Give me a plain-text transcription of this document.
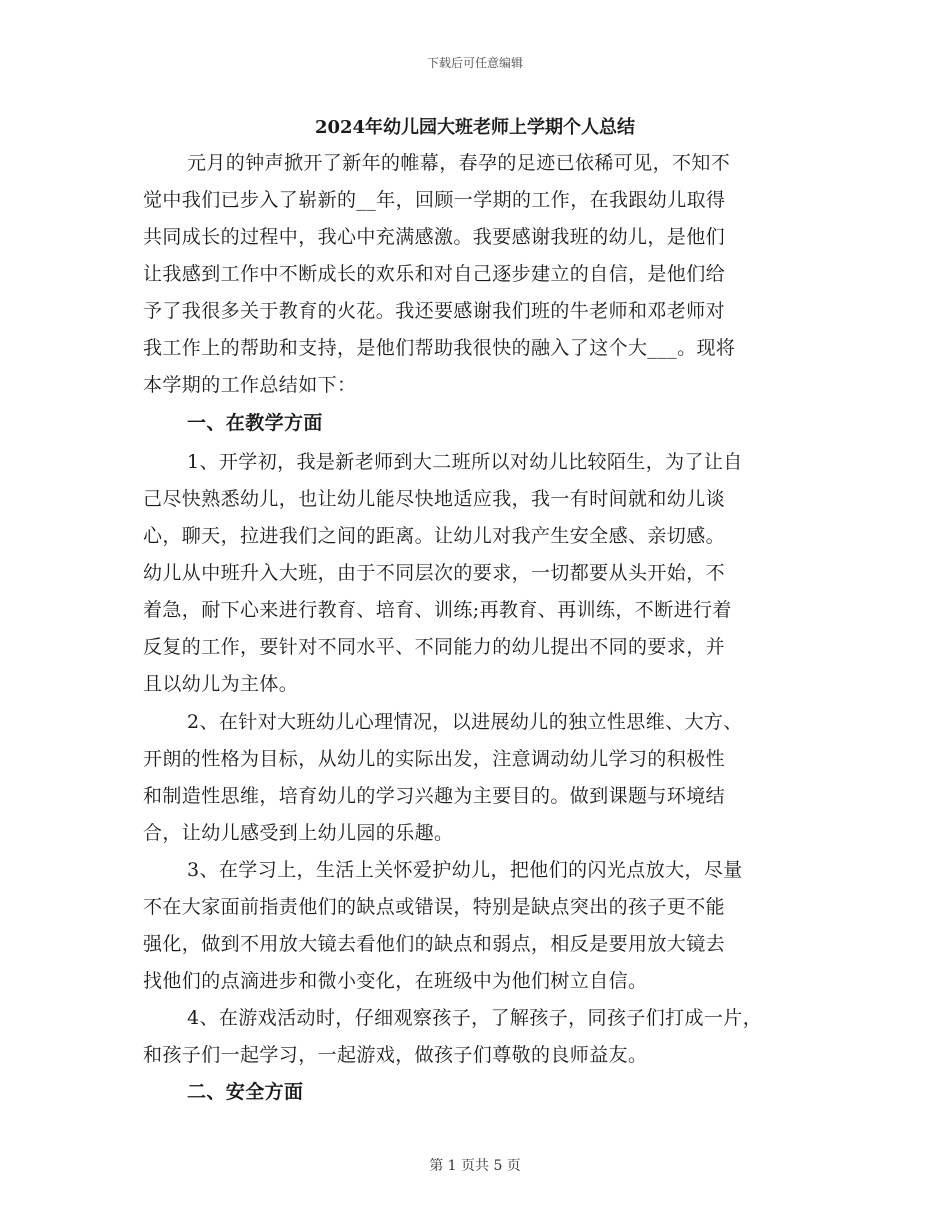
下载后可任意编辑
2024年幼儿园大班老师上学期个人总结
元月的钟声掀开了新年的帷幕，春孕的足迹已依稀可见，不知不
觉中我们已步入了崭新的__年，回顾一学期的工作，在我跟幼儿取得
共同成长的过程中，我心中充满感激。我要感谢我班的幼儿，是他们
让我感到工作中不断成长的欢乐和对自己逐步建立的自信，是他们给
予了我很多关于教育的火花。我还要感谢我们班的牛老师和邓老师对
我工作上的帮助和支持，是他们帮助我很快的融入了这个大___。现将
本学期的工作总结如下：
一、在教学方面
1、开学初，我是新老师到大二班所以对幼儿比较陌生，为了让自
己尽快熟悉幼儿，也让幼儿能尽快地适应我，我一有时间就和幼儿谈
心，聊天，拉进我们之间的距离。让幼儿对我产生安全感、亲切感。
幼儿从中班升入大班，由于不同层次的要求，一切都要从头开始，不
着急，耐下心来进行教育、培育、训练;再教育、再训练，不断进行着
反复的工作，要针对不同水平、不同能力的幼儿提出不同的要求，并
且以幼儿为主体。
2、在针对大班幼儿心理情况，以进展幼儿的独立性思维、大方、
开朗的性格为目标，从幼儿的实际出发，注意调动幼儿学习的积极性
和制造性思维，培育幼儿的学习兴趣为主要目的。做到课题与环境结
合，让幼儿感受到上幼儿园的乐趣。
3、在学习上，生活上关怀爱护幼儿，把他们的闪光点放大，尽量
不在大家面前指责他们的缺点或错误，特别是缺点突出的孩子更不能
强化，做到不用放大镜去看他们的缺点和弱点，相反是要用放大镜去
找他们的点滴进步和微小变化，在班级中为他们树立自信。
4、在游戏活动时，仔细观察孩子，了解孩子，同孩子们打成一片，
和孩子们一起学习，一起游戏，做孩子们尊敬的良师益友。
二、安全方面
第 1 页共 5 页
